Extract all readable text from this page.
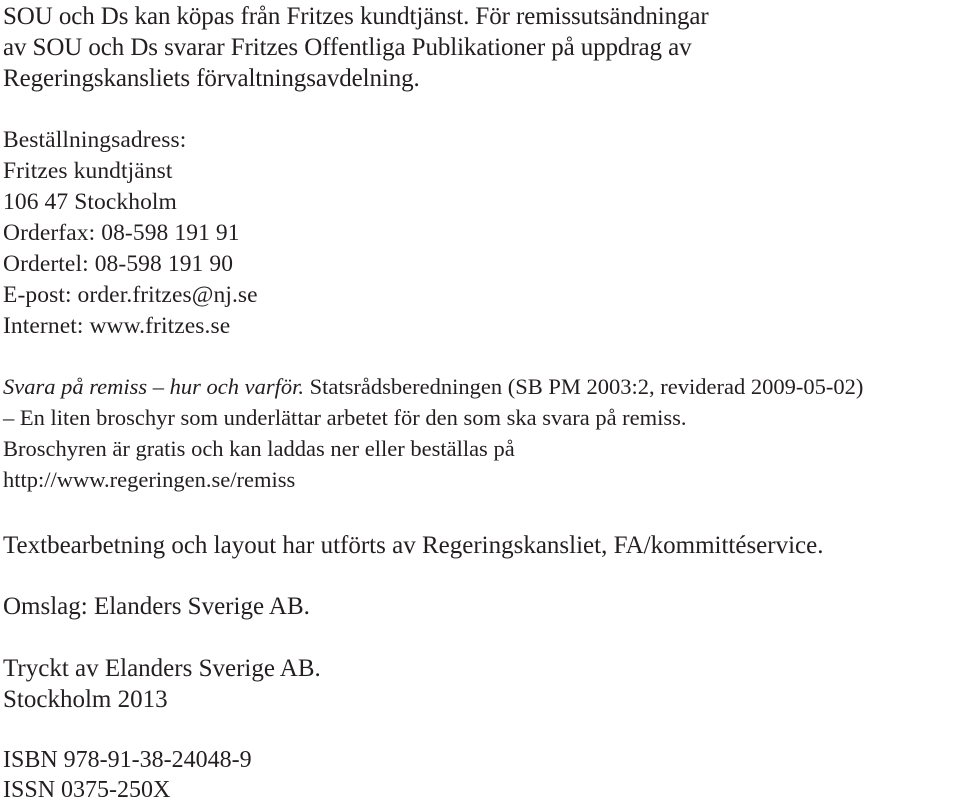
SOU och Ds kan köpas från Fritzes kundtjänst. För remissutsändningar
av SOU och Ds svarar Fritzes Offentliga Publikationer på uppdrag av
Regeringskansliets förvaltningsavdelning.
Beställningsadress:
Fritzes kundtjänst
106 47 Stockholm
Orderfax: 08-598 191 91
Ordertel: 08-598 191 90
E-post: order.fritzes@nj.se
Internet: www.fritzes.se
Svara på remiss – hur och varför. Statsrådsberedningen (SB PM 2003:2, reviderad 2009-05-02)
– En liten broschyr som underlättar arbetet för den som ska svara på remiss.
Broschyren är gratis och kan laddas ner eller beställas på
http://www.regeringen.se/remiss
Textbearbetning och layout har utförts av Regeringskansliet, FA/kommittéservice.
Omslag: Elanders Sverige AB.
Tryckt av Elanders Sverige AB.
Stockholm 2013
ISBN 978-91-38-24048-9
ISSN 0375-250X
